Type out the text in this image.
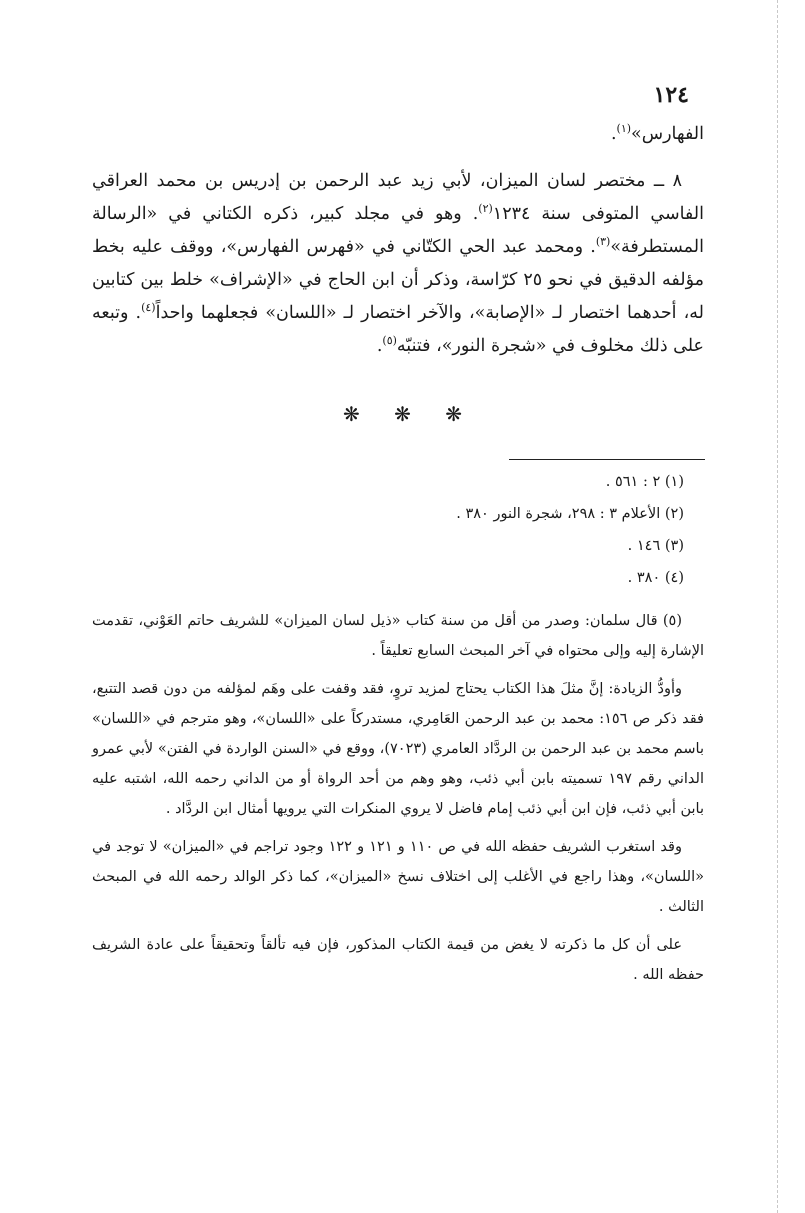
١٢٤

الفهارس»$^{(١)}$.

٨ ــ مختصر لسان الميزان، لأبي زيد عبد الرحمن بن إدريس بن محمد العراقي الفاسي المتوفى سنة ١٢٣٤$^{(٢)}$. وهو في مجلد كبير، ذكره الكتاني في «الرسالة المستطرفة»$^{(٣)}$. ومحمد عبد الحي الكتّاني في «فهرس الفهارس»، ووقف عليه بخط مؤلفه الدقيق في نحو ٢٥ كرّاسة، وذكر أن ابن الحاج في «الإشراف» خلط بين كتابين له، أحدهما اختصار لـ «الإصابة»، والآخر اختصار لـ «اللسان» فجعلهما واحداً$^{(٤)}$. وتبعه على ذلك مخلوف في «شجرة النور»، فتنبّه$^{(٥)}$.

❋ ❋ ❋

(١) ٢ : ٥٦١ .

(٢) الأعلام ٣ : ٢٩٨، شجرة النور ٣٨٠ .

(٣) ١٤٦ .

(٤) ٣٨٠ .

(٥) قال سلمان: وصدر من أقل من سنة كتاب «ذيل لسان الميزان» للشريف حاتم العَوْني، تقدمت الإشارة إليه وإلى محتواه في آخر المبحث السابع تعليقاً .

وأودُّ الزيادة: إنَّ مثلَ هذا الكتاب يحتاج لمزيد تروٍ، فقد وقفت على وهَم لمؤلفه من دون قصد التتبع، فقد ذكر ص ١٥٦: محمد بن عبد الرحمن العَامِري، مستدركاً على «اللسان»، وهو مترجم في «اللسان» باسم محمد بن عبد الرحمن بن الردَّاد العامري (٧٠٢٣)، ووقع في «السنن الواردة في الفتن» لأبي عمرو الداني رقم ١٩٧ تسميته بابن أبي ذئب، وهو وهم من أحد الرواة أو من الداني رحمه الله، اشتبه عليه بابن أبي ذئب، فإن ابن أبي ذئب إمام فاضل لا يروي المنكرات التي يرويها أمثال ابن الردَّاد .

وقد استغرب الشريف حفظه الله في ص ١١٠ و ١٢١ و ١٢٢ وجود تراجم في «الميزان» لا توجد في «اللسان»، وهذا راجع في الأغلب إلى اختلاف نسخ «الميزان»، كما ذكر الوالد رحمه الله في المبحث الثالث .

على أن كل ما ذكرته لا يغض من قيمة الكتاب المذكور، فإن فيه تألقاً وتحقيقاً على عادة الشريف حفظه الله .
